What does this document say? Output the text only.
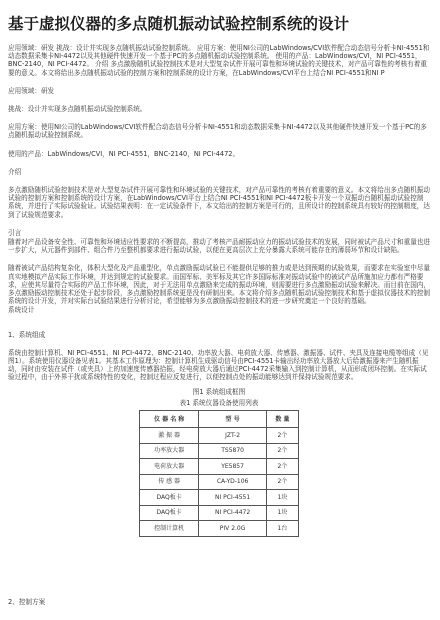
基于虚拟仪器的多点随机振动试验控制系统的设计

应用领域：研发 挑战：设计并实现多点随机振动试验控制系统。 应用方案：使用NI公司的LabWindows/CVI软件配合动态信号分析卡NI-4551和动态数据采集卡NI-4472以及其他硬件快速开发一个基于PC的多点随机振动试验控制系统。 使用的产品：LabWindows/CVI，NI PCI-4551，BNC-2140，NI PCI-4472。 介绍 多点激励随机试验控制技术是对大型复杂试件开展可靠性和环境试验的关键技术，对产品可靠性的考核有着重要的意义。本文将给出多点随机振动试验的控制方案和控制系统的设计方案，在LabWindows/CVI平台上结合NI PCI-4551和NI P

应用领域：研发

挑战：设计并实现多点随机振动试验控制系统。

应用方案：使用NI公司的LabWindows/CVI软件配合动态信号分析卡NI-4551和动态数据采集卡NI-4472以及其他硬件快速开发一个基于PC的多点随机振动试验控制系统。

使用的产品：LabWindows/CVI，NI PCI-4551，BNC-2140，NI PCI-4472。

介绍

多点激励随机试验控制技术是对大型复杂试件开展可靠性和环境试验的关键技术，对产品可靠性的考核有着重要的意义。本文将给出多点随机振动试验的控制方案和控制系统的设计方案，在LabWindows/CVI平台上结合NI PCI-4551和NI PCI-4472板卡开发一个双振动台随机振动试验控制系统，并进行了实际试验验证。试验结果表明：在一定试验条件下，本文给出的控制方案是可行的，且所设计的控制系统具有较好的控制精度，达到了试验规范要求。

引言

随着对产品设备安全性、可靠性和环境适应性要求的不断提高，推动了考核产品耐振动应力的振动试验技术的发展，同时被试产品尺寸和重量也进一步扩大，从元器件到部件、组合件乃至整机都要求进行振动试验，以便在更高层次上充分暴露大系统可能存在的薄弱环节和设计缺陷。

随着被试产品结构复杂化，体积大型化及产品重型化，单点激励振动试验已不能提供足够的推力或是达到预期的试验效果，而要求在实验室中尽量真实地模拟产品实际工作环境，并达到规定的试验要求。而国军标、美军标及其它许多国际标准对振动试验中的被试产品所施加应力都有严格要求，应使其尽量符合实际的产品工作环境，因此，对于无法用单点激励来完成的振动环境，则需要进行多点激励振动试验来解决。而目前在国内，多点激励振动控制技术还处于起步阶段，多点激励控制系统更是没有研制出来。本文将介绍多点随机振动试验控制技术和基于虚拟仪器技术的控制系统的设计开发，并对实际台试验结果进行分析讨论，希望能够为多点激励振动控制技术的进一步研究奠定一个良好的基础。

系统设计

1、系统组成

系统由控制计算机、NI PCI-4551、NI PCI-4472、BNC-2140、功率放大器、电荷放大器、传感器、激振器、试件、夹具及连接电缆等组成（见图1）。系统使用仪器设备见表1。其基本工作原理为：控制计算机生成驱动信号由PCI-4551卡输出经功率放大器放大后给激振器来产生随机振动，同时由安装在试件（或夹具）上的加速度传感器拾振，经电荷放大器后通过PCI-4472采集输入到控制计算机，从而形成闭环控制。在实际试验过程中，由于外界干扰或系统特性的变化，控制过程应反复进行，以便控制点处的振动能够达到并保持试验规范要求。

图1 系统组成框图
表1 系统仪器设备使用列表
仪 器 名 称	型 号	数 量
激 振 器	JZT-2	2个
功率放大器	TS5870	2个
电荷放大器	YE5857	2个
传 感 器	CA-YD-106	2个
DAQ板卡	NI PCI-4551	1块
DAQ板卡	NI PCI-4472	1块
控制计算机	PIV 2.0G	1台
2、控制方案
